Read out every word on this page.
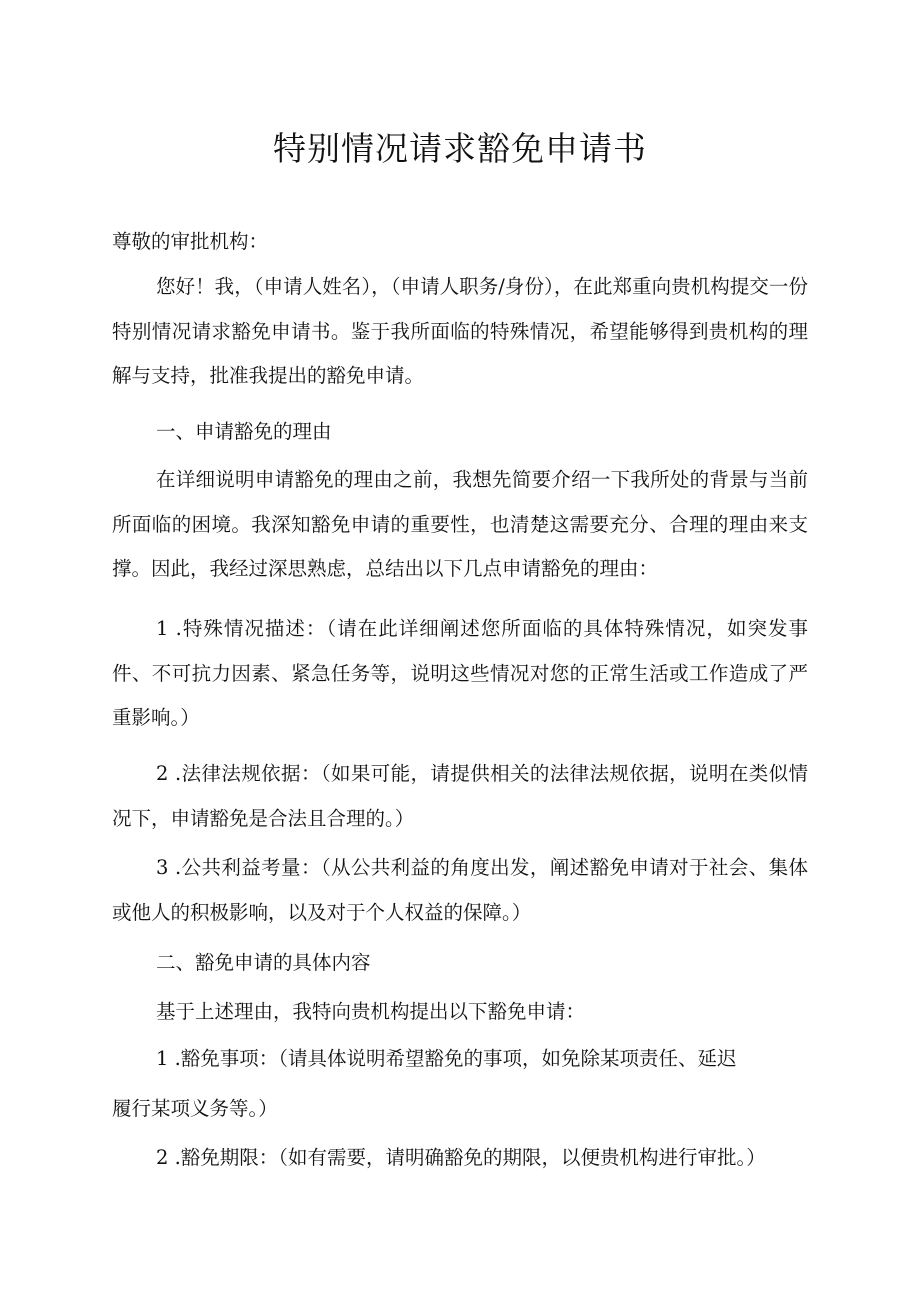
特别情况请求豁免申请书

尊敬的审批机构：

您好！我，（申请人姓名），（申请人职务/身份），在此郑重向贵机构提交一份特别情况请求豁免申请书。鉴于我所面临的特殊情况，希望能够得到贵机构的理解与支持，批准我提出的豁免申请。

一、申请豁免的理由

在详细说明申请豁免的理由之前，我想先简要介绍一下我所处的背景与当前所面临的困境。我深知豁免申请的重要性，也清楚这需要充分、合理的理由来支撑。因此，我经过深思熟虑，总结出以下几点申请豁免的理由：

1 .特殊情况描述：（请在此详细阐述您所面临的具体特殊情况，如突发事件、不可抗力因素、紧急任务等，说明这些情况对您的正常生活或工作造成了严重影响。）

2 .法律法规依据：（如果可能，请提供相关的法律法规依据，说明在类似情况下，申请豁免是合法且合理的。）

3 .公共利益考量：（从公共利益的角度出发，阐述豁免申请对于社会、集体或他人的积极影响，以及对于个人权益的保障。）

二、豁免申请的具体内容

基于上述理由，我特向贵机构提出以下豁免申请：

1 .豁免事项：（请具体说明希望豁免的事项，如免除某项责任、延迟

履行某项义务等。）

2 .豁免期限：（如有需要，请明确豁免的期限，以便贵机构进行审批。）
